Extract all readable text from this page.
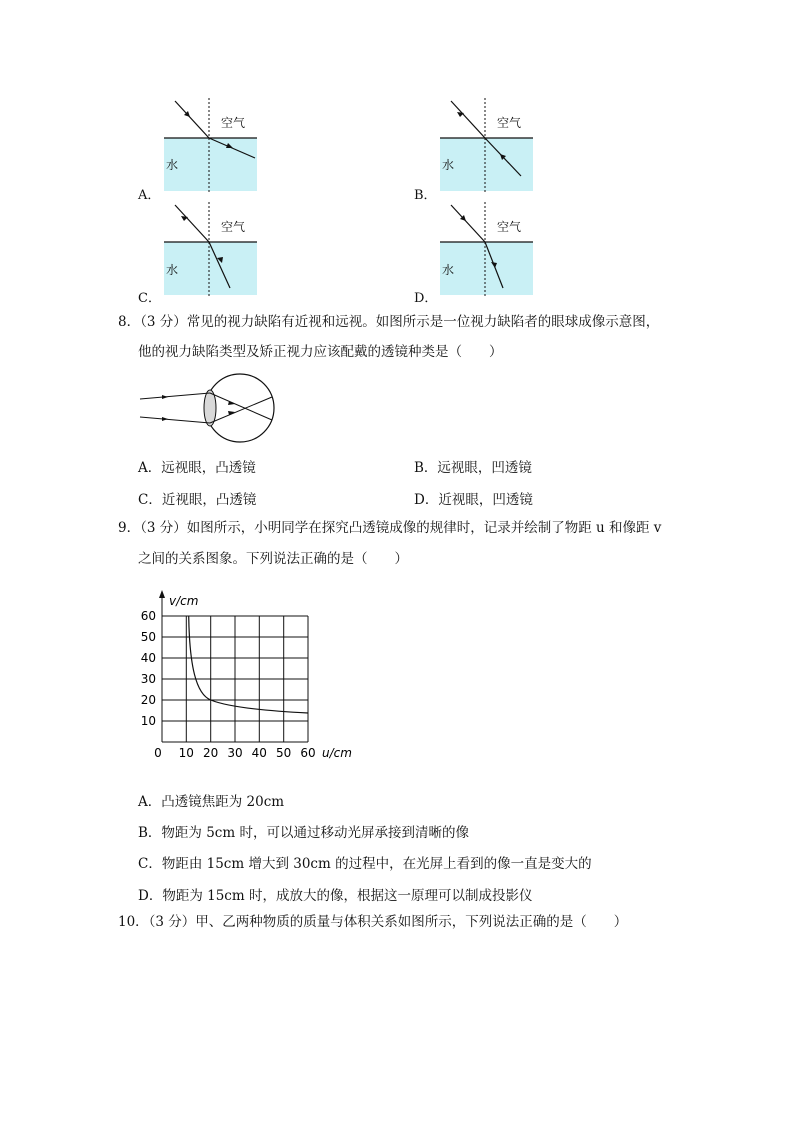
空气
水
A．
空气
水
B．
空气
水
C．
空气
水
D．
8．（3 分）常见的视力缺陷有近视和远视。如图所示是一位视力缺陷者的眼球成像示意图，
他的视力缺陷类型及矫正视力应该配戴的透镜种类是（　　）
A．远视眼，凸透镜	B．远视眼，凹透镜
C．近视眼，凸透镜	D．近视眼，凹透镜
9．（3 分）如图所示，小明同学在探究凸透镜成像的规律时，记录并绘制了物距 u 和像距 v
之间的关系图象。下列说法正确的是（　　）
60
50
40
30
20
10
0 10 20 30 40 50 60
v/cm
u/cm
A．凸透镜焦距为 20cm
B．物距为 5cm 时，可以通过移动光屏承接到清晰的像
C．物距由 15cm 增大到 30cm 的过程中，在光屏上看到的像一直是变大的
D．物距为 15cm 时，成放大的像，根据这一原理可以制成投影仪
10．（3 分）甲、乙两种物质的质量与体积关系如图所示，下列说法正确的是（　　）
